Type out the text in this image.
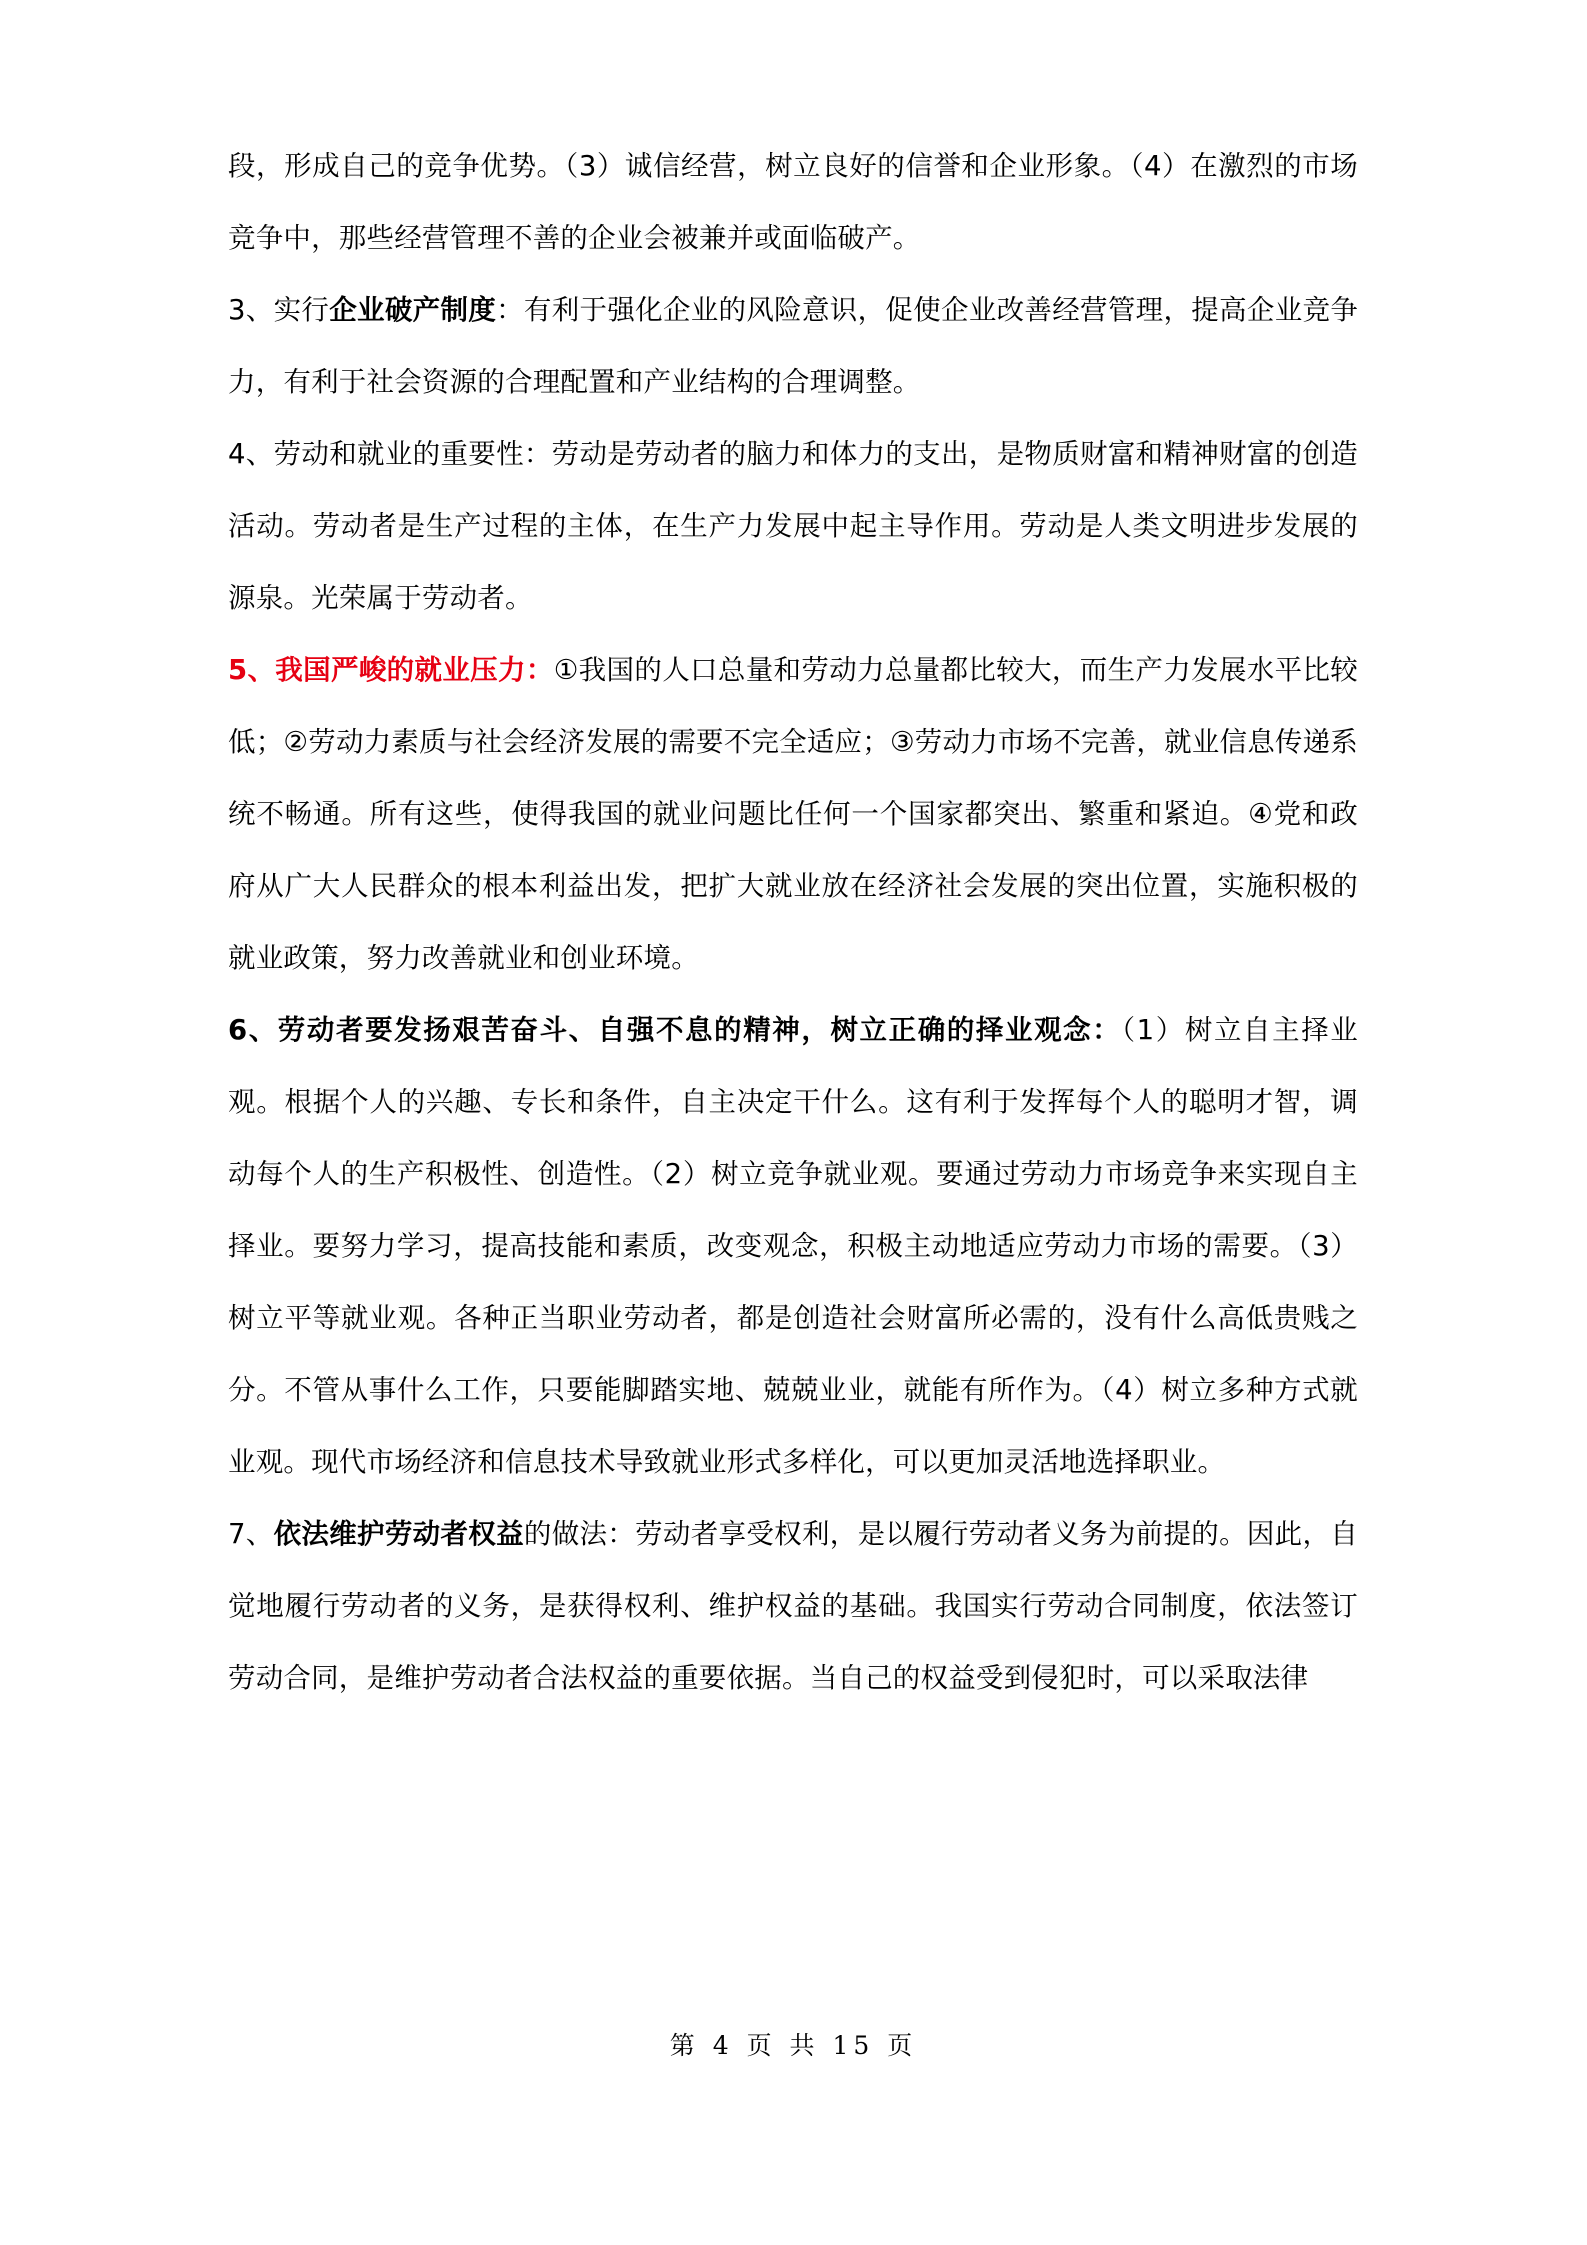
段，形成自己的竞争优势。（3）诚信经营，树立良好的信誉和企业形象。（4）在激烈的市场竞争中，那些经营管理不善的企业会被兼并或面临破产。

3、实行企业破产制度：有利于强化企业的风险意识，促使企业改善经营管理，提高企业竞争力，有利于社会资源的合理配置和产业结构的合理调整。

4、劳动和就业的重要性：劳动是劳动者的脑力和体力的支出，是物质财富和精神财富的创造活动。劳动者是生产过程的主体，在生产力发展中起主导作用。劳动是人类文明进步发展的源泉。光荣属于劳动者。

5、我国严峻的就业压力：①我国的人口总量和劳动力总量都比较大，而生产力发展水平比较低；②劳动力素质与社会经济发展的需要不完全适应；③劳动力市场不完善，就业信息传递系统不畅通。所有这些，使得我国的就业问题比任何一个国家都突出、繁重和紧迫。④党和政府从广大人民群众的根本利益出发，把扩大就业放在经济社会发展的突出位置，实施积极的就业政策，努力改善就业和创业环境。

6、劳动者要发扬艰苦奋斗、自强不息的精神，树立正确的择业观念：（1）树立自主择业观。根据个人的兴趣、专长和条件，自主决定干什么。这有利于发挥每个人的聪明才智，调动每个人的生产积极性、创造性。（2）树立竞争就业观。要通过劳动力市场竞争来实现自主择业。要努力学习，提高技能和素质，改变观念，积极主动地适应劳动力市场的需要。（3）树立平等就业观。各种正当职业劳动者，都是创造社会财富所必需的，没有什么高低贵贱之分。不管从事什么工作，只要能脚踏实地、兢兢业业，就能有所作为。（4）树立多种方式就业观。现代市场经济和信息技术导致就业形式多样化，可以更加灵活地选择职业。

7、依法维护劳动者权益的做法：劳动者享受权利，是以履行劳动者义务为前提的。因此，自觉地履行劳动者的义务，是获得权利、维护权益的基础。我国实行劳动合同制度，依法签订劳动合同，是维护劳动者合法权益的重要依据。当自己的权益受到侵犯时，可以采取法律

第 4 页 共 15 页
